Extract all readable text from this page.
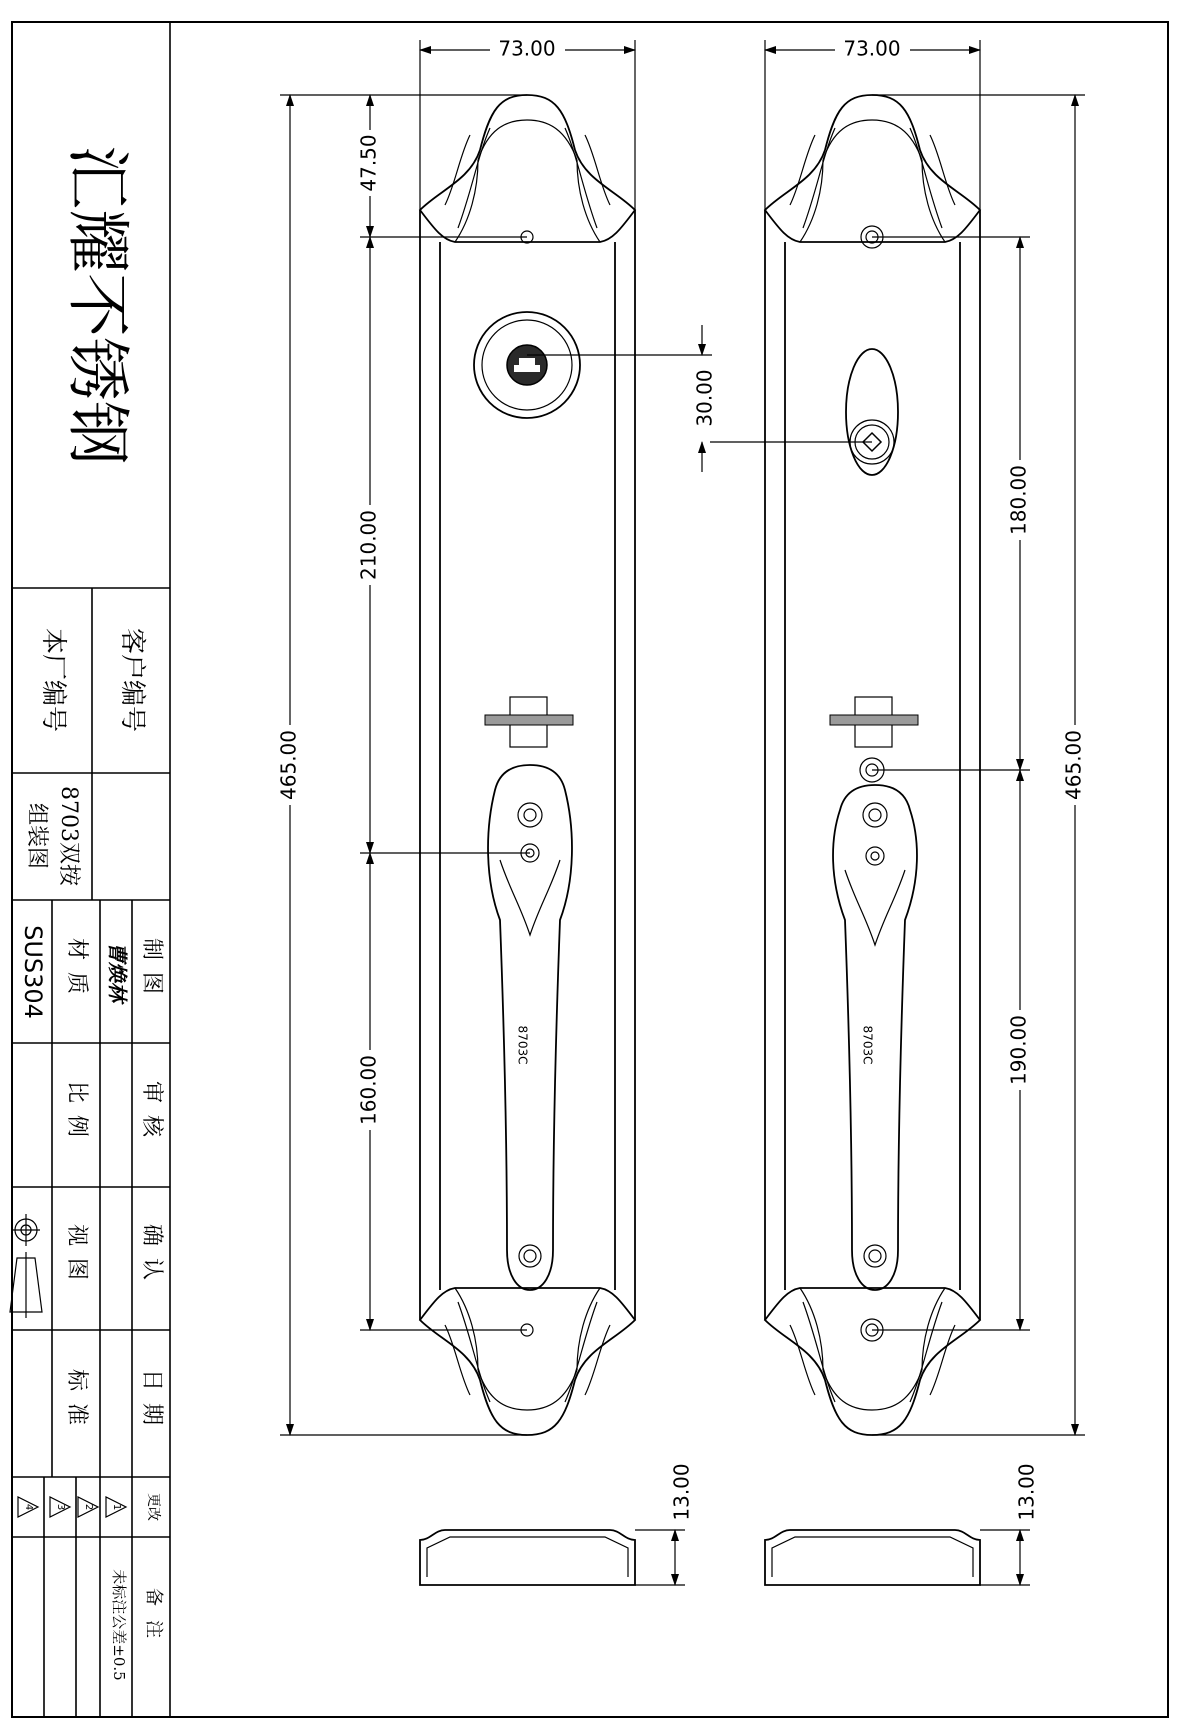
汇耀不锈钢
客户编号
本厂编号
8703双按
组装图
制图
审核
确认
日期
曹焕林
材质
比例
视图
标准
SUS304
更改
备注
未标注公差±0.5
1
2
3
4
8703C	8703C
73.00
465.00
47.50
210.00
160.00
13.00
30.00
73.00
180.00
190.00
465.00
13.00
